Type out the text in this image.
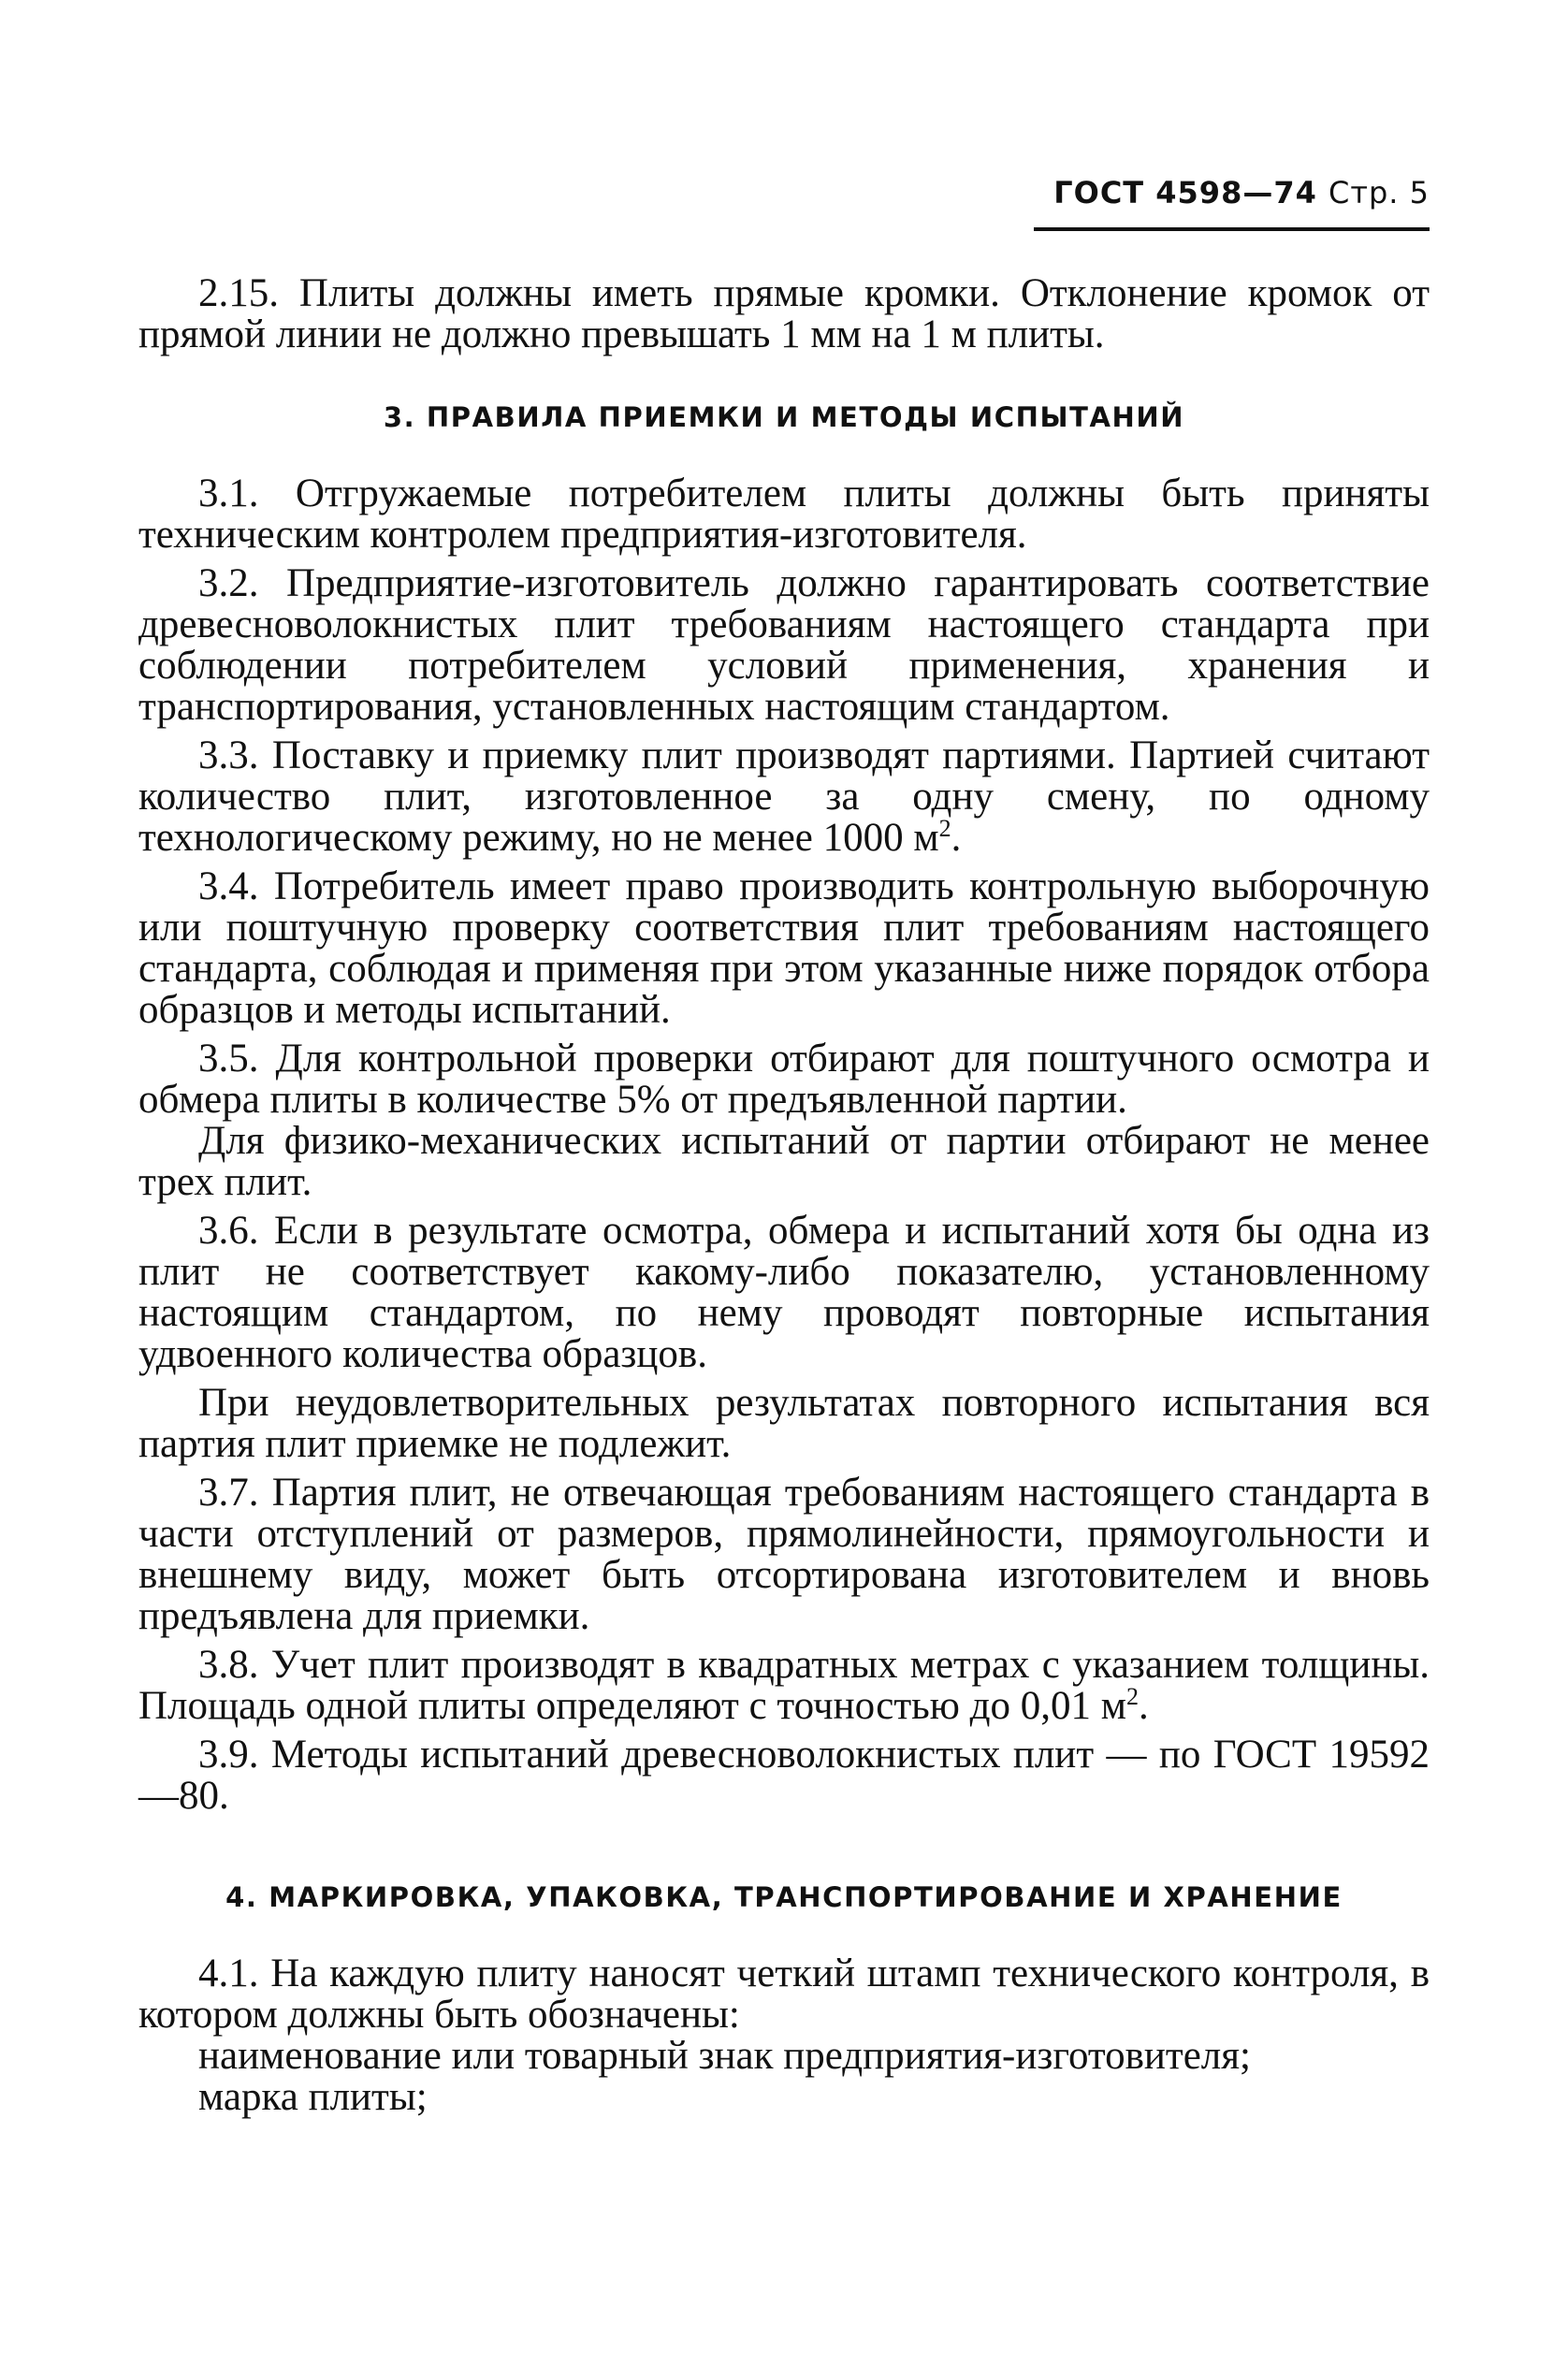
ГОСТ 4598—74 Стр. 5

2.15. Плиты должны иметь прямые кромки. Отклонение кромок от прямой линии не должно превышать 1 мм на 1 м плиты.

3. ПРАВИЛА ПРИЕМКИ И МЕТОДЫ ИСПЫТАНИЙ

3.1. Отгружаемые потребителем плиты должны быть приняты техническим контролем предприятия-изготовителя.

3.2. Предприятие-изготовитель должно гарантировать соответствие древесноволокнистых плит требованиям настоящего стандарта при соблюдении потребителем условий применения, хранения и транспортирования, установленных настоящим стандартом.

3.3. Поставку и приемку плит производят партиями. Партией считают количество плит, изготовленное за одну смену, по одному технологическому режиму, но не менее 1000 $м^2$.

3.4. Потребитель имеет право производить контрольную выборочную или поштучную проверку соответствия плит требованиям настоящего стандарта, соблюдая и применяя при этом указанные ниже порядок отбора образцов и методы испытаний.

3.5. Для контрольной проверки отбирают для поштучного осмотра и обмера плиты в количестве 5% от предъявленной партии.

Для физико-механических испытаний от партии отбирают не менее трех плит.

3.6. Если в результате осмотра, обмера и испытаний хотя бы одна из плит не соответствует какому-либо показателю, установленному настоящим стандартом, по нему проводят повторные испытания удвоенного количества образцов.

При неудовлетворительных результатах повторного испытания вся партия плит приемке не подлежит.

3.7. Партия плит, не отвечающая требованиям настоящего стандарта в части отступлений от размеров, прямолинейности, прямоугольности и внешнему виду, может быть отсортирована изготовителем и вновь предъявлена для приемки.

3.8. Учет плит производят в квадратных метрах с указанием толщины. Площадь одной плиты определяют с точностью до 0,01 $м^2$.

3.9. Методы испытаний древесноволокнистых плит — по ГОСТ 19592—80.

4. МАРКИРОВКА, УПАКОВКА, ТРАНСПОРТИРОВАНИЕ И ХРАНЕНИЕ

4.1. На каждую плиту наносят четкий штамп технического контроля, в котором должны быть обозначены:

наименование или товарный знак предприятия-изготовителя;

марка плиты;
